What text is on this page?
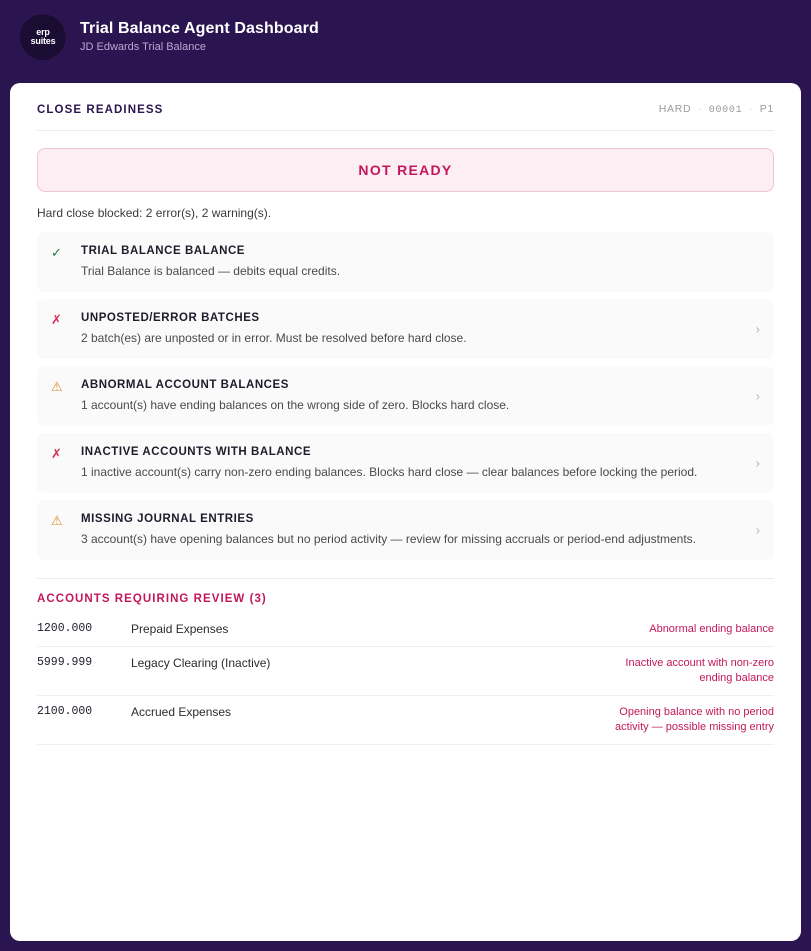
erp
suites
Trial Balance Agent Dashboard
JD Edwards Trial Balance
CLOSE READINESS	HARD · 00001 · P1
NOT READY
Hard close blocked: 2 error(s), 2 warning(s).
✓	TRIAL BALANCE BALANCE
Trial Balance is balanced — debits equal credits.
✗	UNPOSTED/ERROR BATCHES
2 batch(es) are unposted or in error. Must be resolved before hard close.
›
⚠	ABNORMAL ACCOUNT BALANCES
1 account(s) have ending balances on the wrong side of zero. Blocks hard close.
›
✗	INACTIVE ACCOUNTS WITH BALANCE
1 inactive account(s) carry non-zero ending balances. Blocks hard close — clear balances before locking the period.
›
⚠	MISSING JOURNAL ENTRIES
3 account(s) have opening balances but no period activity — review for missing accruals or period-end adjustments.
›
ACCOUNTS REQUIRING REVIEW (3)
1200.000	Prepaid Expenses	Abnormal ending balance
5999.999	Legacy Clearing (Inactive)	Inactive account with non-zero ending balance
2100.000	Accrued Expenses	Opening balance with no period activity — possible missing entry
